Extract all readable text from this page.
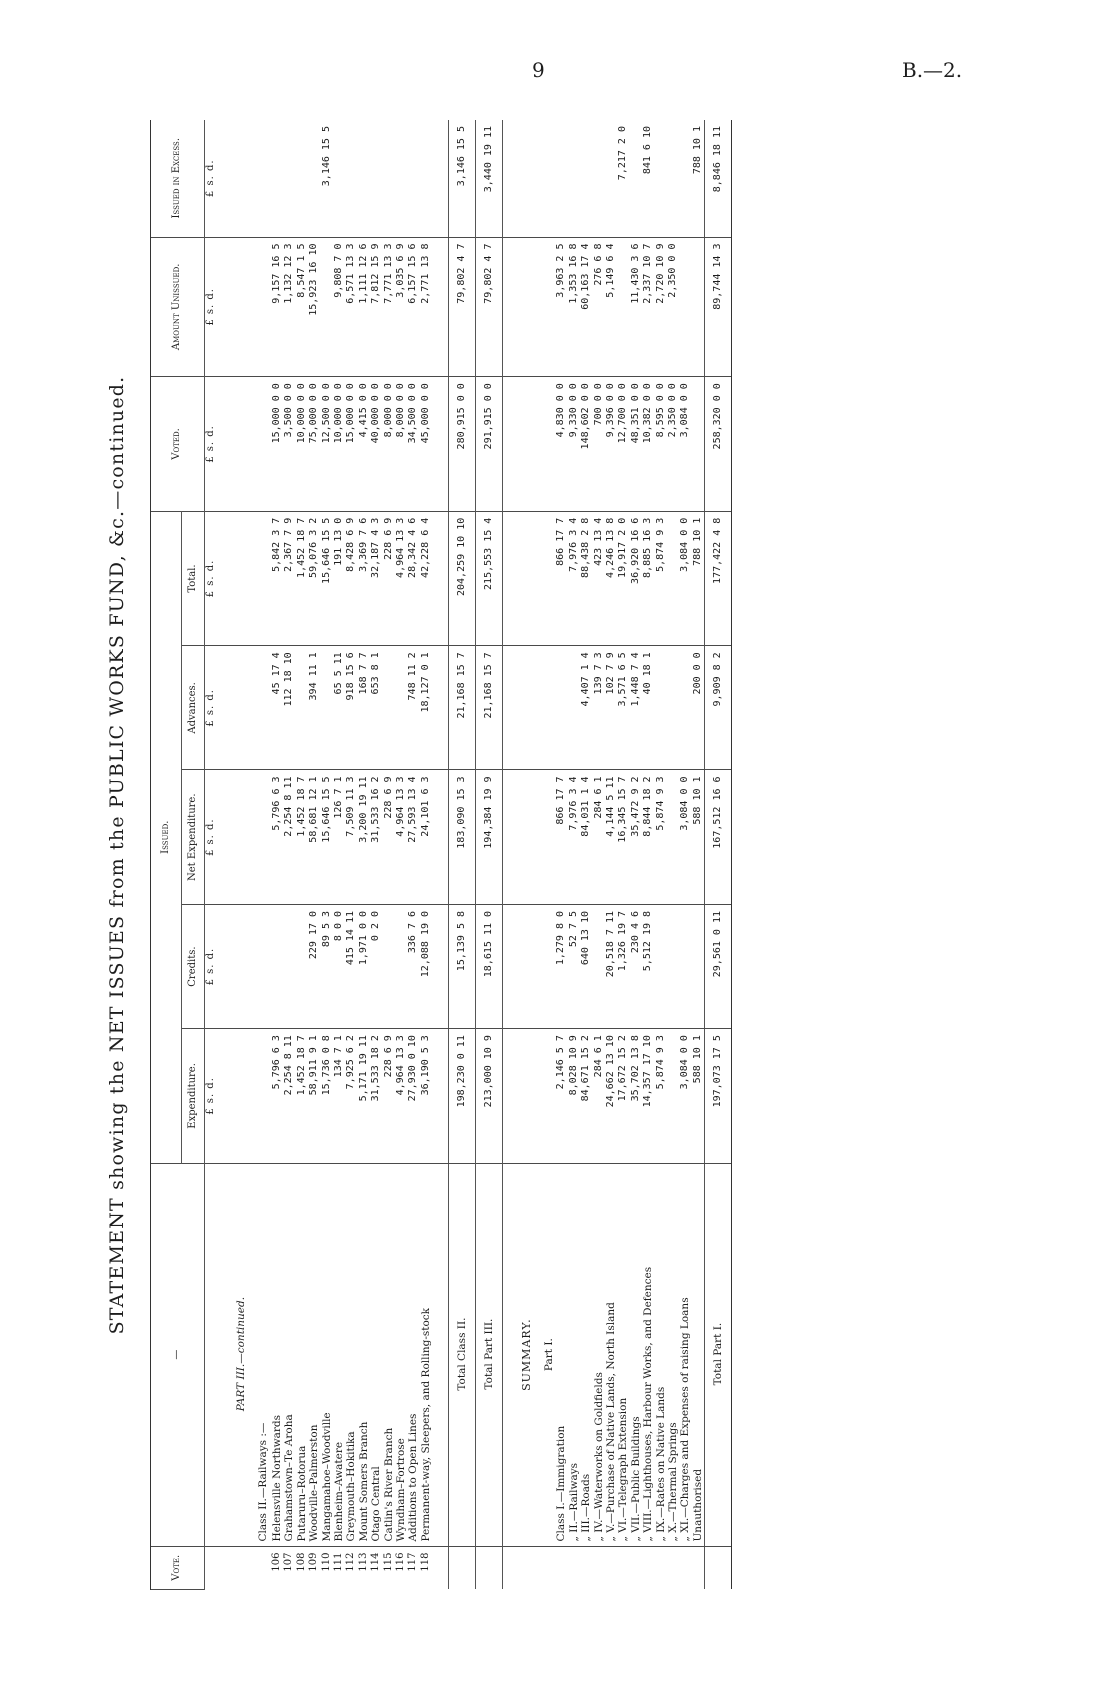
9	B.—2.
STATEMENT showing the NET ISSUES from the PUBLIC WORKS FUND, &c.—continued.
Vote.	—	Issued.					Voted.	Amount Unissued.	Issued in Excess.
		Expenditure.	Credits.	Net Expenditure.	Advances.	Total.			
		£ s. d.	£ s. d.	£ s. d.	£ s. d.	£ s. d.	£ s. d.	£ s. d.	£ s. d.
	PART III.—continued.								
	Class II.—Railways :—								
106	Helensville Northwards	5,796 6 3		5,796 6 3	45 17 4	5,842 3 7	15,000 0 0	9,157 16 5	
107	Grahamstown–Te Aroha	2,254 8 11		2,254 8 11	112 18 10	2,367 7 9	3,500 0 0	1,132 12 3	
108	Putaruru–Rotorua	1,452 18 7		1,452 18 7		1,452 18 7	10,000 0 0	8,547 1 5	
109	Woodville–Palmerston	58,911 9 1	229 17 0	58,681 12 1	394 11 1	59,076 3 2	75,000 0 0	15,923 16 10	
110	Mangamahoe–Woodville	15,736 0 8	89 5 3	15,646 15 5		15,646 15 5	12,500 0 0		3,146 15 5
111	Blenheim–Awatere	134 7 1	8 0 0	126 7 1	65 5 11	191 13 0	10,000 0 0	9,808 7 0	
112	Greymouth–Hokitika	7,925 6 2	415 14 11	7,509 11 3	918 15 6	8,428 6 9	15,000 0 0	6,571 13 3	
113	Mount Somers Branch	5,171 19 11	1,971 0 0	3,200 19 11	168 7 7	3,369 7 6	4,415 0 0	1,111 12 6	
114	Otago Central	31,533 18 2	0 2 0	31,533 16 2	653 8 1	32,187 4 3	40,000 0 0	7,812 15 9	
115	Catlin's River Branch	228 6 9		228 6 9		228 6 9	8,000 0 0	7,771 13 3	
116	Wyndham–Fortrose	4,964 13 3		4,964 13 3		4,964 13 3	8,000 0 0	3,035 6 9	
117	Additions to Open Lines	27,930 0 10	336 7 6	27,593 13 4	748 11 2	28,342 4 6	34,500 0 0	6,157 15 6	
118	Permanent-way, Sleepers, and Rolling-stock	36,190 5 3	12,088 19 0	24,101 6 3	18,127 0 1	42,228 6 4	45,000 0 0	2,771 13 8	

	Total Class II.	198,230 0 11	15,139 5 8	183,090 15 3	21,168 15 7	204,259 10 10	280,915 0 0	79,802 4 7	3,146 15 5
	Total Part III.	213,000 10 9	18,615 11 0	194,384 19 9	21,168 15 7	215,553 15 4	291,915 0 0	79,802 4 7	3,440 19 11
	SUMMARY.								
	Part I.								
	Class I.—Immigration	2,146 5 7	1,279 8 0	866 17 7		866 17 7	4,830 0 0	3,963 2 5	
	„ II.—Railways	8,028 10 9	52 7 5	7,976 3 4		7,976 3 4	9,330 0 0	1,353 16 8	
	„ III.—Roads	84,671 15 2	640 13 10	84,031 1 4	4,407 1 4	88,438 2 8	148,602 0 0	60,163 17 4	
	„ IV.—Waterworks on Goldfields	284 6 1		284 6 1	139 7 3	423 13 4	700 0 0	276 6 8	
	„ V.—Purchase of Native Lands, North Island	24,662 13 10	20,518 7 11	4,144 5 11	102 7 9	4,246 13 8	9,396 0 0	5,149 6 4	
	„ VI.—Telegraph Extension	17,672 15 2	1,326 19 7	16,345 15 7	3,571 6 5	19,917 2 0	12,700 0 0		7,217 2 0
	„ VII.—Public Buildings	35,702 13 8	230 4 6	35,472 9 2	1,448 7 4	36,920 16 6	48,351 0 0	11,430 3 6	
	„ VIII.—Lighthouses, Harbour Works, and Defences	14,357 17 10	5,512 19 8	8,844 18 2	40 18 1	8,885 16 3	10,382 0 0	2,337 10 7	841 6 10
	„ IX.—Rates on Native Lands	5,874 9 3		5,874 9 3		5,874 9 3	8,595 0 0	2,720 10 9	
	„ X.—Thermal Springs						2,350 0 0	2,350 0 0	
	„ XI.—Charges and Expenses of raising Loans	3,084 0 0		3,084 0 0		3,084 0 0	3,084 0 0		
	Unauthorised	588 10 1		588 10 1	200 0 0	788 10 1			788 10 1
	Total Part I.	197,073 17 5	29,561 0 11	167,512 16 6	9,909 8 2	177,422 4 8	258,320 0 0	89,744 14 3	8,846 18 11
